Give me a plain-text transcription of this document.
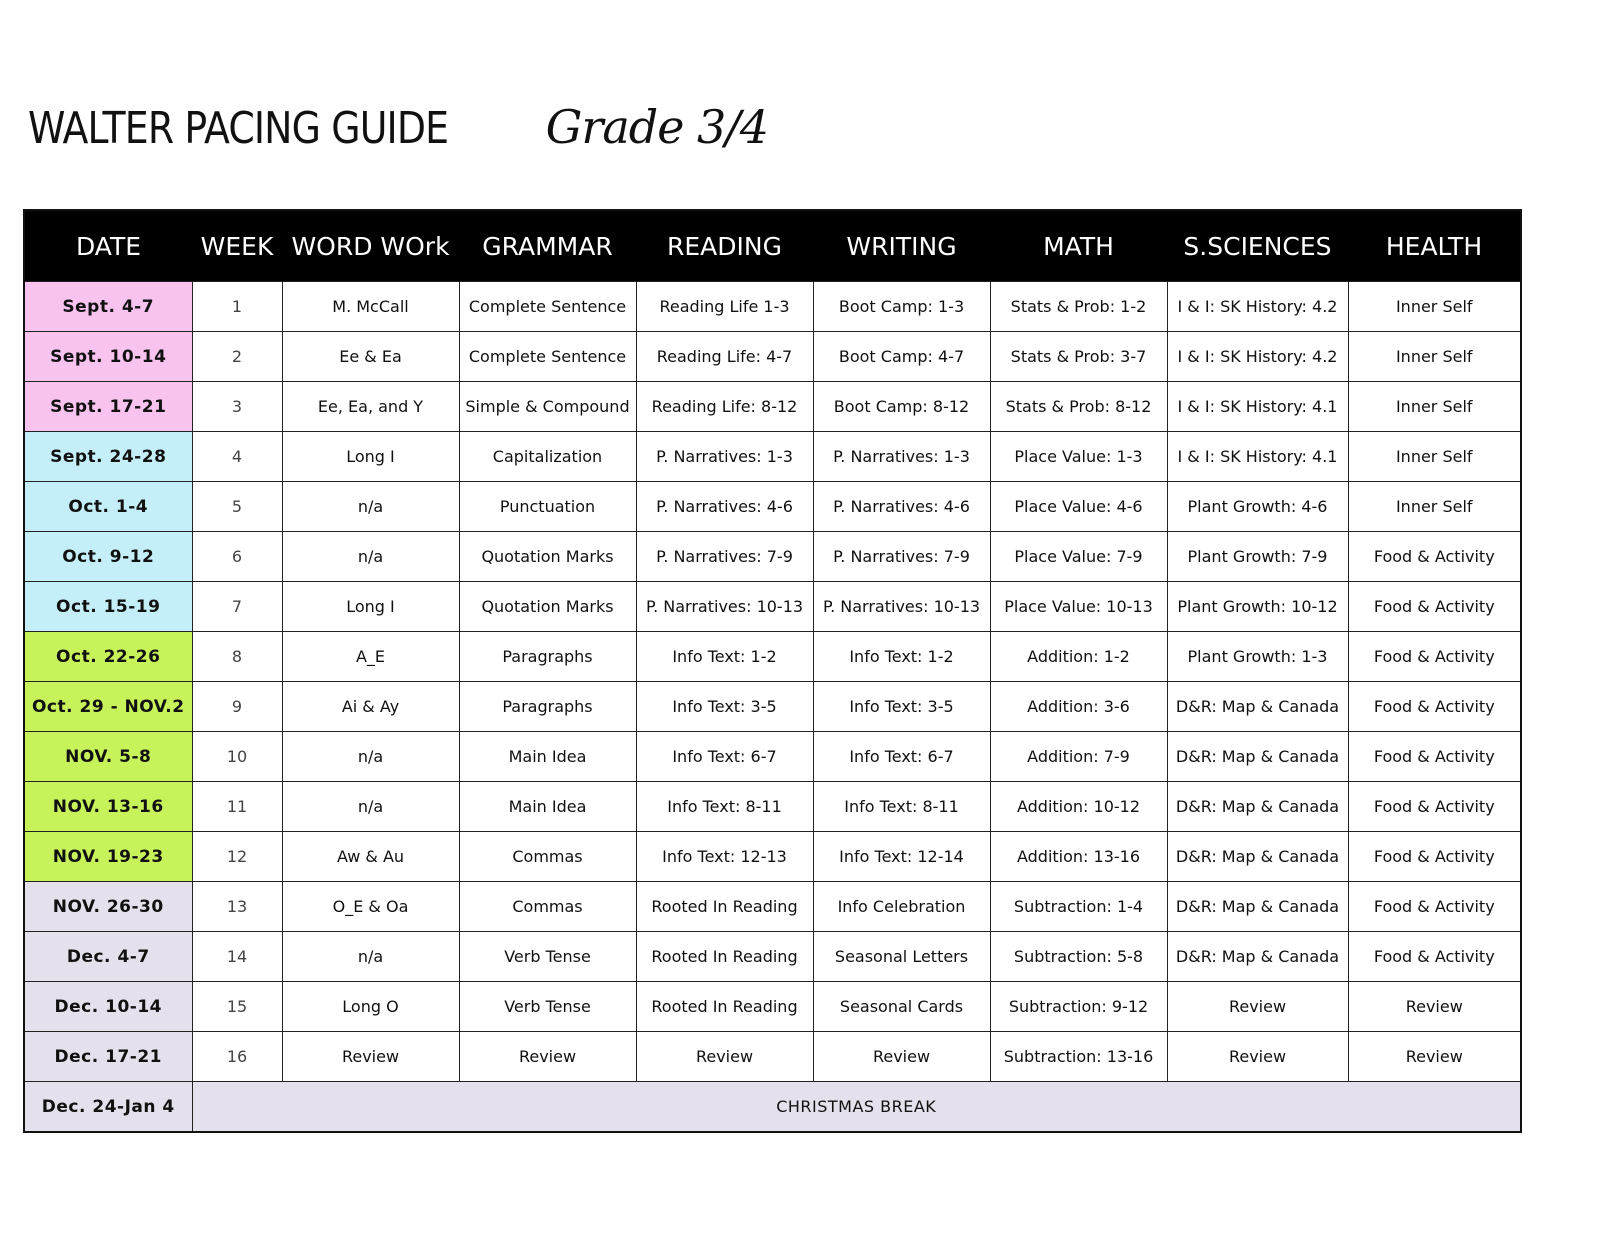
WALTER PACING GUIDE Grade 3/4
DATE	WEEK	WORD WOrk	GRAMMAR	READING	WRITING	MATH	S.SCIENCES	HEALTH
Sept. 4-7	1	M. McCall	Complete Sentence	Reading Life 1-3	Boot Camp: 1-3	Stats & Prob: 1-2	I & I: SK History: 4.2	Inner Self
Sept. 10-14	2	Ee & Ea	Complete Sentence	Reading Life: 4-7	Boot Camp: 4-7	Stats & Prob: 3-7	I & I: SK History: 4.2	Inner Self
Sept. 17-21	3	Ee, Ea, and Y	Simple & Compound	Reading Life: 8-12	Boot Camp: 8-12	Stats & Prob: 8-12	I & I: SK History: 4.1	Inner Self
Sept. 24-28	4	Long I	Capitalization	P. Narratives: 1-3	P. Narratives: 1-3	Place Value: 1-3	I & I: SK History: 4.1	Inner Self
Oct. 1-4	5	n/a	Punctuation	P. Narratives: 4-6	P. Narratives: 4-6	Place Value: 4-6	Plant Growth: 4-6	Inner Self
Oct. 9-12	6	n/a	Quotation Marks	P. Narratives: 7-9	P. Narratives: 7-9	Place Value: 7-9	Plant Growth: 7-9	Food & Activity
Oct. 15-19	7	Long I	Quotation Marks	P. Narratives: 10-13	P. Narratives: 10-13	Place Value: 10-13	Plant Growth: 10-12	Food & Activity
Oct. 22-26	8	A_E	Paragraphs	Info Text: 1-2	Info Text: 1-2	Addition: 1-2	Plant Growth: 1-3	Food & Activity
Oct. 29 - NOV.2	9	Ai & Ay	Paragraphs	Info Text: 3-5	Info Text: 3-5	Addition: 3-6	D&R: Map & Canada	Food & Activity
NOV. 5-8	10	n/a	Main Idea	Info Text: 6-7	Info Text: 6-7	Addition: 7-9	D&R: Map & Canada	Food & Activity
NOV. 13-16	11	n/a	Main Idea	Info Text: 8-11	Info Text: 8-11	Addition: 10-12	D&R: Map & Canada	Food & Activity
NOV. 19-23	12	Aw & Au	Commas	Info Text: 12-13	Info Text: 12-14	Addition: 13-16	D&R: Map & Canada	Food & Activity
NOV. 26-30	13	O_E & Oa	Commas	Rooted In Reading	Info Celebration	Subtraction: 1-4	D&R: Map & Canada	Food & Activity
Dec. 4-7	14	n/a	Verb Tense	Rooted In Reading	Seasonal Letters	Subtraction: 5-8	D&R: Map & Canada	Food & Activity
Dec. 10-14	15	Long O	Verb Tense	Rooted In Reading	Seasonal Cards	Subtraction: 9-12	Review	Review
Dec. 17-21	16	Review	Review	Review	Review	Subtraction: 13-16	Review	Review
Dec. 24-Jan 4	CHRISTMAS BREAK							
